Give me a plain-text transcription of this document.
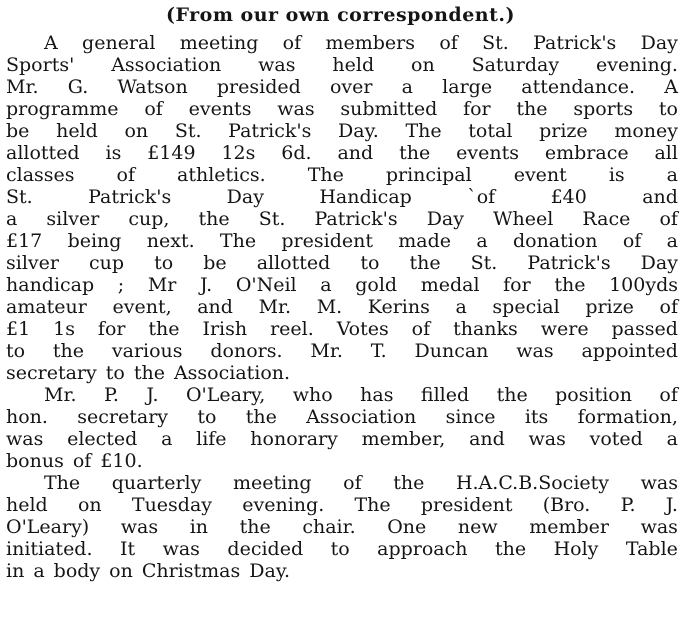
(From our own correspondent.)
A general meeting of members of St. Patrick's Day
Sports' Association was held on Saturday evening.
Mr. G. Watson presided over a large attendance. A
programme of events was submitted for the sports to
be held on St. Patrick's Day. The total prize money
allotted is £149 12s 6d. and the events embrace all
classes of athletics. The principal event is a
St.	Patrick's	Day	Handicap	`of	£40	and
a silver cup, the St. Patrick's Day Wheel Race of
£17 being next. The president made a donation of a
silver cup to be allotted to the St. Patrick's Day
handicap ; Mr J. O'Neil a gold medal for the 100yds
amateur event, and Mr. M. Kerins a special prize of
£1 1s for the Irish reel. Votes of thanks were passed
to the various donors. Mr. T. Duncan was appointed
secretary to the Association.
Mr. P. J. O'Leary, who has filled the position of
hon. secretary to the Association since its formation,
was elected a life honorary member, and was voted a
bonus of £10.
The quarterly meeting of the H.A.C.B.Society was
held on Tuesday evening. The president (Bro. P. J.
O'Leary) was in the chair. One new member was
initiated. It was decided to approach the Holy Table
in a body on Christmas Day.
